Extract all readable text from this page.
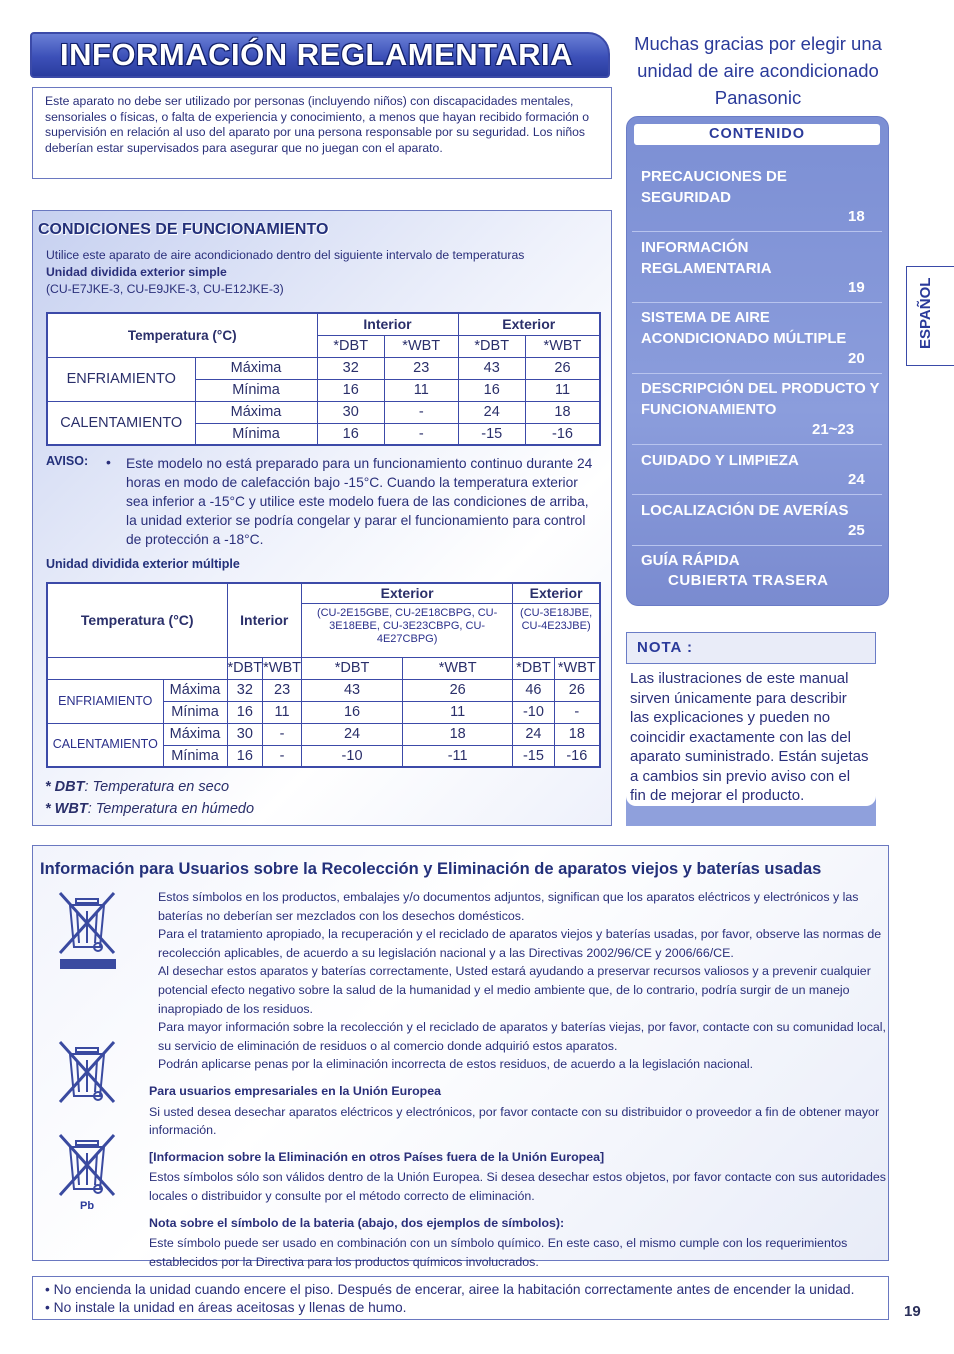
INFORMACIÓN REGLAMENTARIA
Este aparato no debe ser utilizado por personas (incluyendo niños) con discapacidades mentales, sensoriales o físicas, o falta de experiencia y conocimiento, a menos que hayan recibido formación o supervisión en relación al uso del aparato por una persona responsable por su seguridad. Los niños deberían estar supervisados para asegurar que no juegan con el aparato.
CONDICIONES DE FUNCIONAMIENTO
Utilice este aparato de aire acondicionado dentro del siguiente intervalo de temperaturas
Unidad dividida exterior simple
(CU-E7JKE-3, CU-E9JKE-3, CU-E12JKE-3)
Temperatura (°C)		Interior		Exterior	
		*DBT	*WBT	*DBT	*WBT
ENFRIAMIENTO	Máxima	32	23	43	26
	Mínima	16	11	16	11
CALENTAMIENTO	Máxima	30	-	24	18
	Mínima	16	-	-15	-16
AVISO: • Este modelo no está preparado para un funcionamiento continuo durante 24 horas en modo de calefacción bajo -15°C. Cuando la temperatura exterior sea inferior a -15°C y utilice este modelo fuera de las condiciones de arriba, la unidad exterior se podría congelar y parar el funcionamiento para control de protección a -18°C.
Unidad dividida exterior múltiple
Temperatura (°C)		Interior		Exterior		Exterior	
				(CU-2E15GBE, CU-2E18CBPG, CU-3E18EBE, CU-3E23CBPG, CU-4E27CBPG)		(CU-3E18JBE, CU-4E23JBE)	
		*DBT	*WBT	*DBT	*WBT	*DBT	*WBT
ENFRIAMIENTO	Máxima	32	23	43	26	46	26
	Mínima	16	11	16	11	-10	-
CALENTAMIENTO	Máxima	30	-	24	18	24	18
	Mínima	16	-	-10	-11	-15	-16
* DBT: Temperatura en seco
* WBT: Temperatura en húmedo
Muchas gracias por elegir una unidad de aire acondicionado Panasonic
CONTENIDO
PRECAUCIONES DE SEGURIDAD
18
INFORMACIÓN REGLAMENTARIA
19
SISTEMA DE AIRE ACONDICIONADO MÚLTIPLE
20
DESCRIPCIÓN DEL PRODUCTO Y FUNCIONAMIENTO
21~23
CUIDADO Y LIMPIEZA
24
LOCALIZACIÓN DE AVERÍAS
25
GUÍA RÁPIDA
CUBIERTA TRASERA
ESPAÑOL
NOTA :
Las ilustraciones de este manual sirven únicamente para describir las explicaciones y pueden no coincidir exactamente con las del aparato suministrado. Están sujetas a cambios sin previo aviso con el fin de mejorar el producto.
Información para Usuarios sobre la Recolección y Eliminación de aparatos viejos y baterías usadas
Pb
Estos símbolos en los productos, embalajes y/o documentos adjuntos, significan que los aparatos eléctricos y electrónicos y las baterías no deberían ser mezclados con los desechos domésticos.
Para el tratamiento apropiado, la recuperación y el reciclado de aparatos viejos y baterías usadas, por favor, observe las normas de recolección aplicables, de acuerdo a su legislación nacional y a las Directivas 2002/96/CE y 2006/66/CE.
Al desechar estos aparatos y baterías correctamente, Usted estará ayudando a preservar recursos valiosos y a prevenir cualquier potencial efecto negativo sobre la salud de la humanidad y el medio ambiente que, de lo contrario, podría surgir de un manejo inapropiado de los residuos.
Para mayor información sobre la recolección y el reciclado de aparatos y baterías viejas, por favor, contacte con su comunidad local, su servicio de eliminación de residuos o al comercio donde adquirió estos aparatos.
Podrán aplicarse penas por la eliminación incorrecta de estos residuos, de acuerdo a la legislación nacional.
Para usuarios empresariales en la Unión Europea
Si usted desea desechar aparatos eléctricos y electrónicos, por favor contacte con su distribuidor o proveedor a fin de obtener mayor información.
[Informacion sobre la Eliminación en otros Países fuera de la Unión Europea]
Estos símbolos sólo son válidos dentro de la Unión Europea. Si desea desechar estos objetos, por favor contacte con sus autoridades locales o distribuidor y consulte por el método correcto de eliminación.
Nota sobre el símbolo de la bateria (abajo, dos ejemplos de símbolos):
Este símbolo puede ser usado en combinación con un símbolo químico. En este caso, el mismo cumple con los requerimientos establecidos por la Directiva para los productos químicos involucrados.
• No encienda la unidad cuando encere el piso. Después de encerar, airee la habitación correctamente antes de encender la unidad.
• No instale la unidad en áreas aceitosas y llenas de humo.	19
